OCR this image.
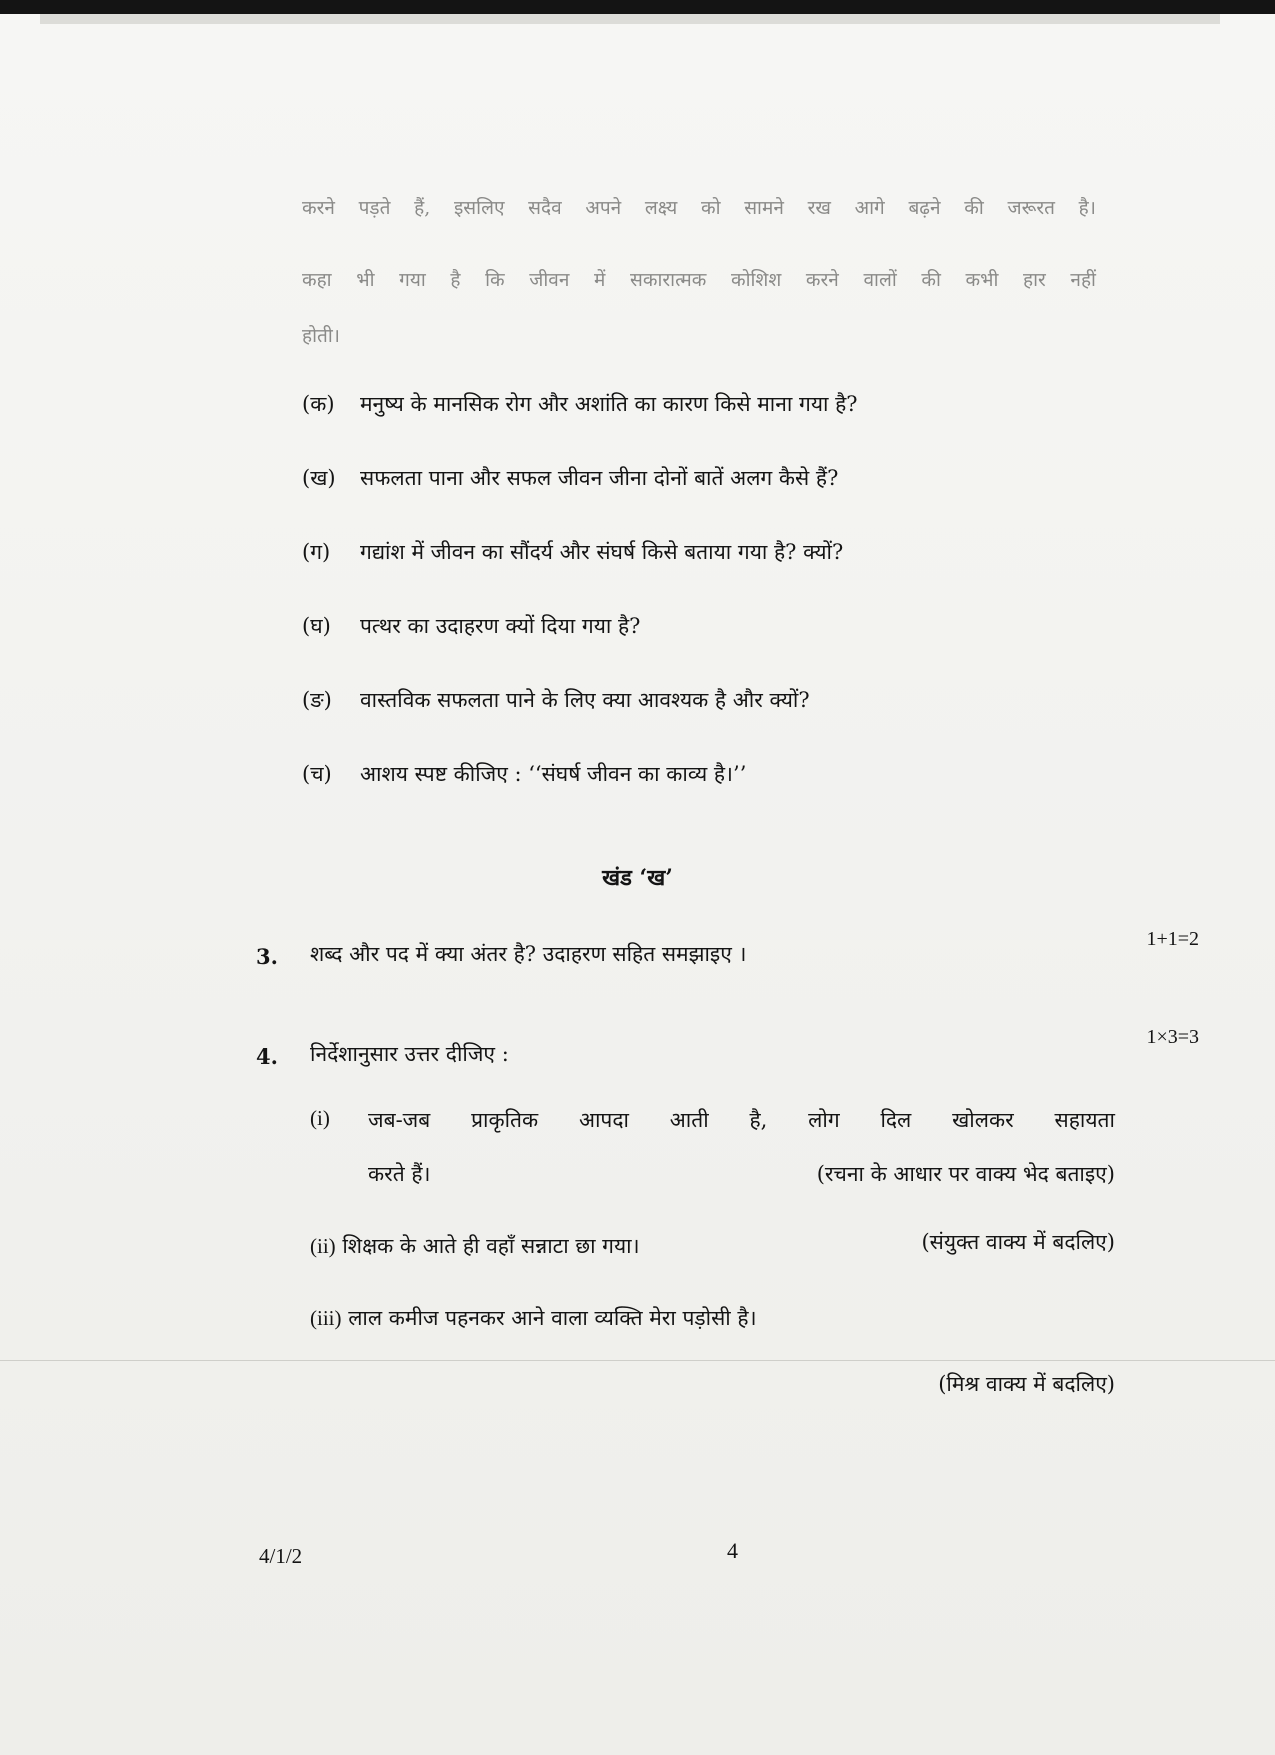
करने पड़ते हैं, इसलिए सदैव अपने लक्ष्य को सामने रख आगे बढ़ने की जरूरत है।
कहा भी गया है कि जीवन में सकारात्मक कोशिश करने वालों की कभी हार नहीं
होती।
(क) मनुष्य के मानसिक रोग और अशांति का कारण किसे माना गया है?
(ख) सफलता पाना और सफल जीवन जीना दोनों बातें अलग कैसे हैं?
(ग) गद्यांश में जीवन का सौंदर्य और संघर्ष किसे बताया गया है? क्यों?
(घ) पत्थर का उदाहरण क्यों दिया गया है?
(ङ) वास्तविक सफलता पाने के लिए क्या आवश्यक है और क्यों?
(च) आशय स्पष्ट कीजिए : ‘‘संघर्ष जीवन का काव्य है।’’
खंड ‘ख’
3. शब्द और पद में क्या अंतर है? उदाहरण सहित समझाइए ।
1+1=2
4. निर्देशानुसार उत्तर दीजिए :
1×3=3
(i)	जब-जब प्राकृतिक आपदा आती है, लोग दिल खोलकर सहायता
करते हैं।	(रचना के आधार पर वाक्य भेद बताइए)
(ii) शिक्षक के आते ही वहाँ सन्नाटा छा गया।	(संयुक्त वाक्य में बदलिए)
(iii) लाल कमीज पहनकर आने वाला व्यक्ति मेरा पड़ोसी है।
(मिश्र वाक्य में बदलिए)
4/1/2	4
